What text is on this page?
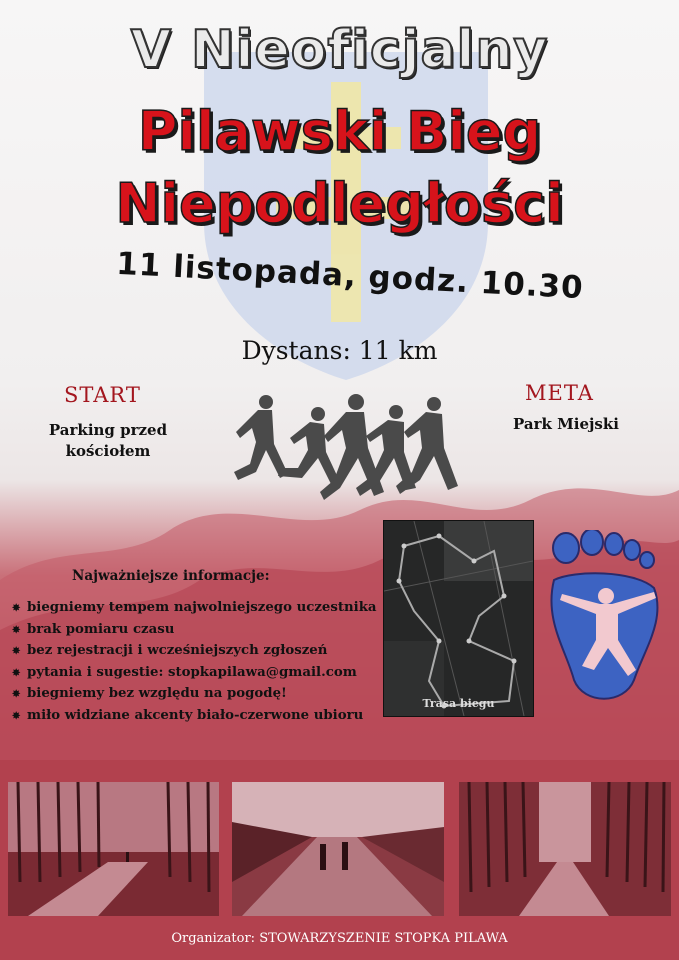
V Nieoficjalny
Pilawski Bieg
Niepodległości
11 listopada, godz. 10.30
Dystans: 11 km
START
Parking przed kościołem
META
Park Miejski
Najważniejsze informacje:
✸ biegniemy tempem najwolniejszego uczestnika
✸ brak pomiaru czasu
✸ bez rejestracji i wcześniejszych zgłoszeń
✸ pytania i sugestie: stopkapilawa@gmail.com
✸ biegniemy bez względu na pogodę!
✸ miło widziane akcenty biało-czerwone ubioru
Trasa biegu
Organizator: STOWARZYSZENIE STOPKA PILAWA
